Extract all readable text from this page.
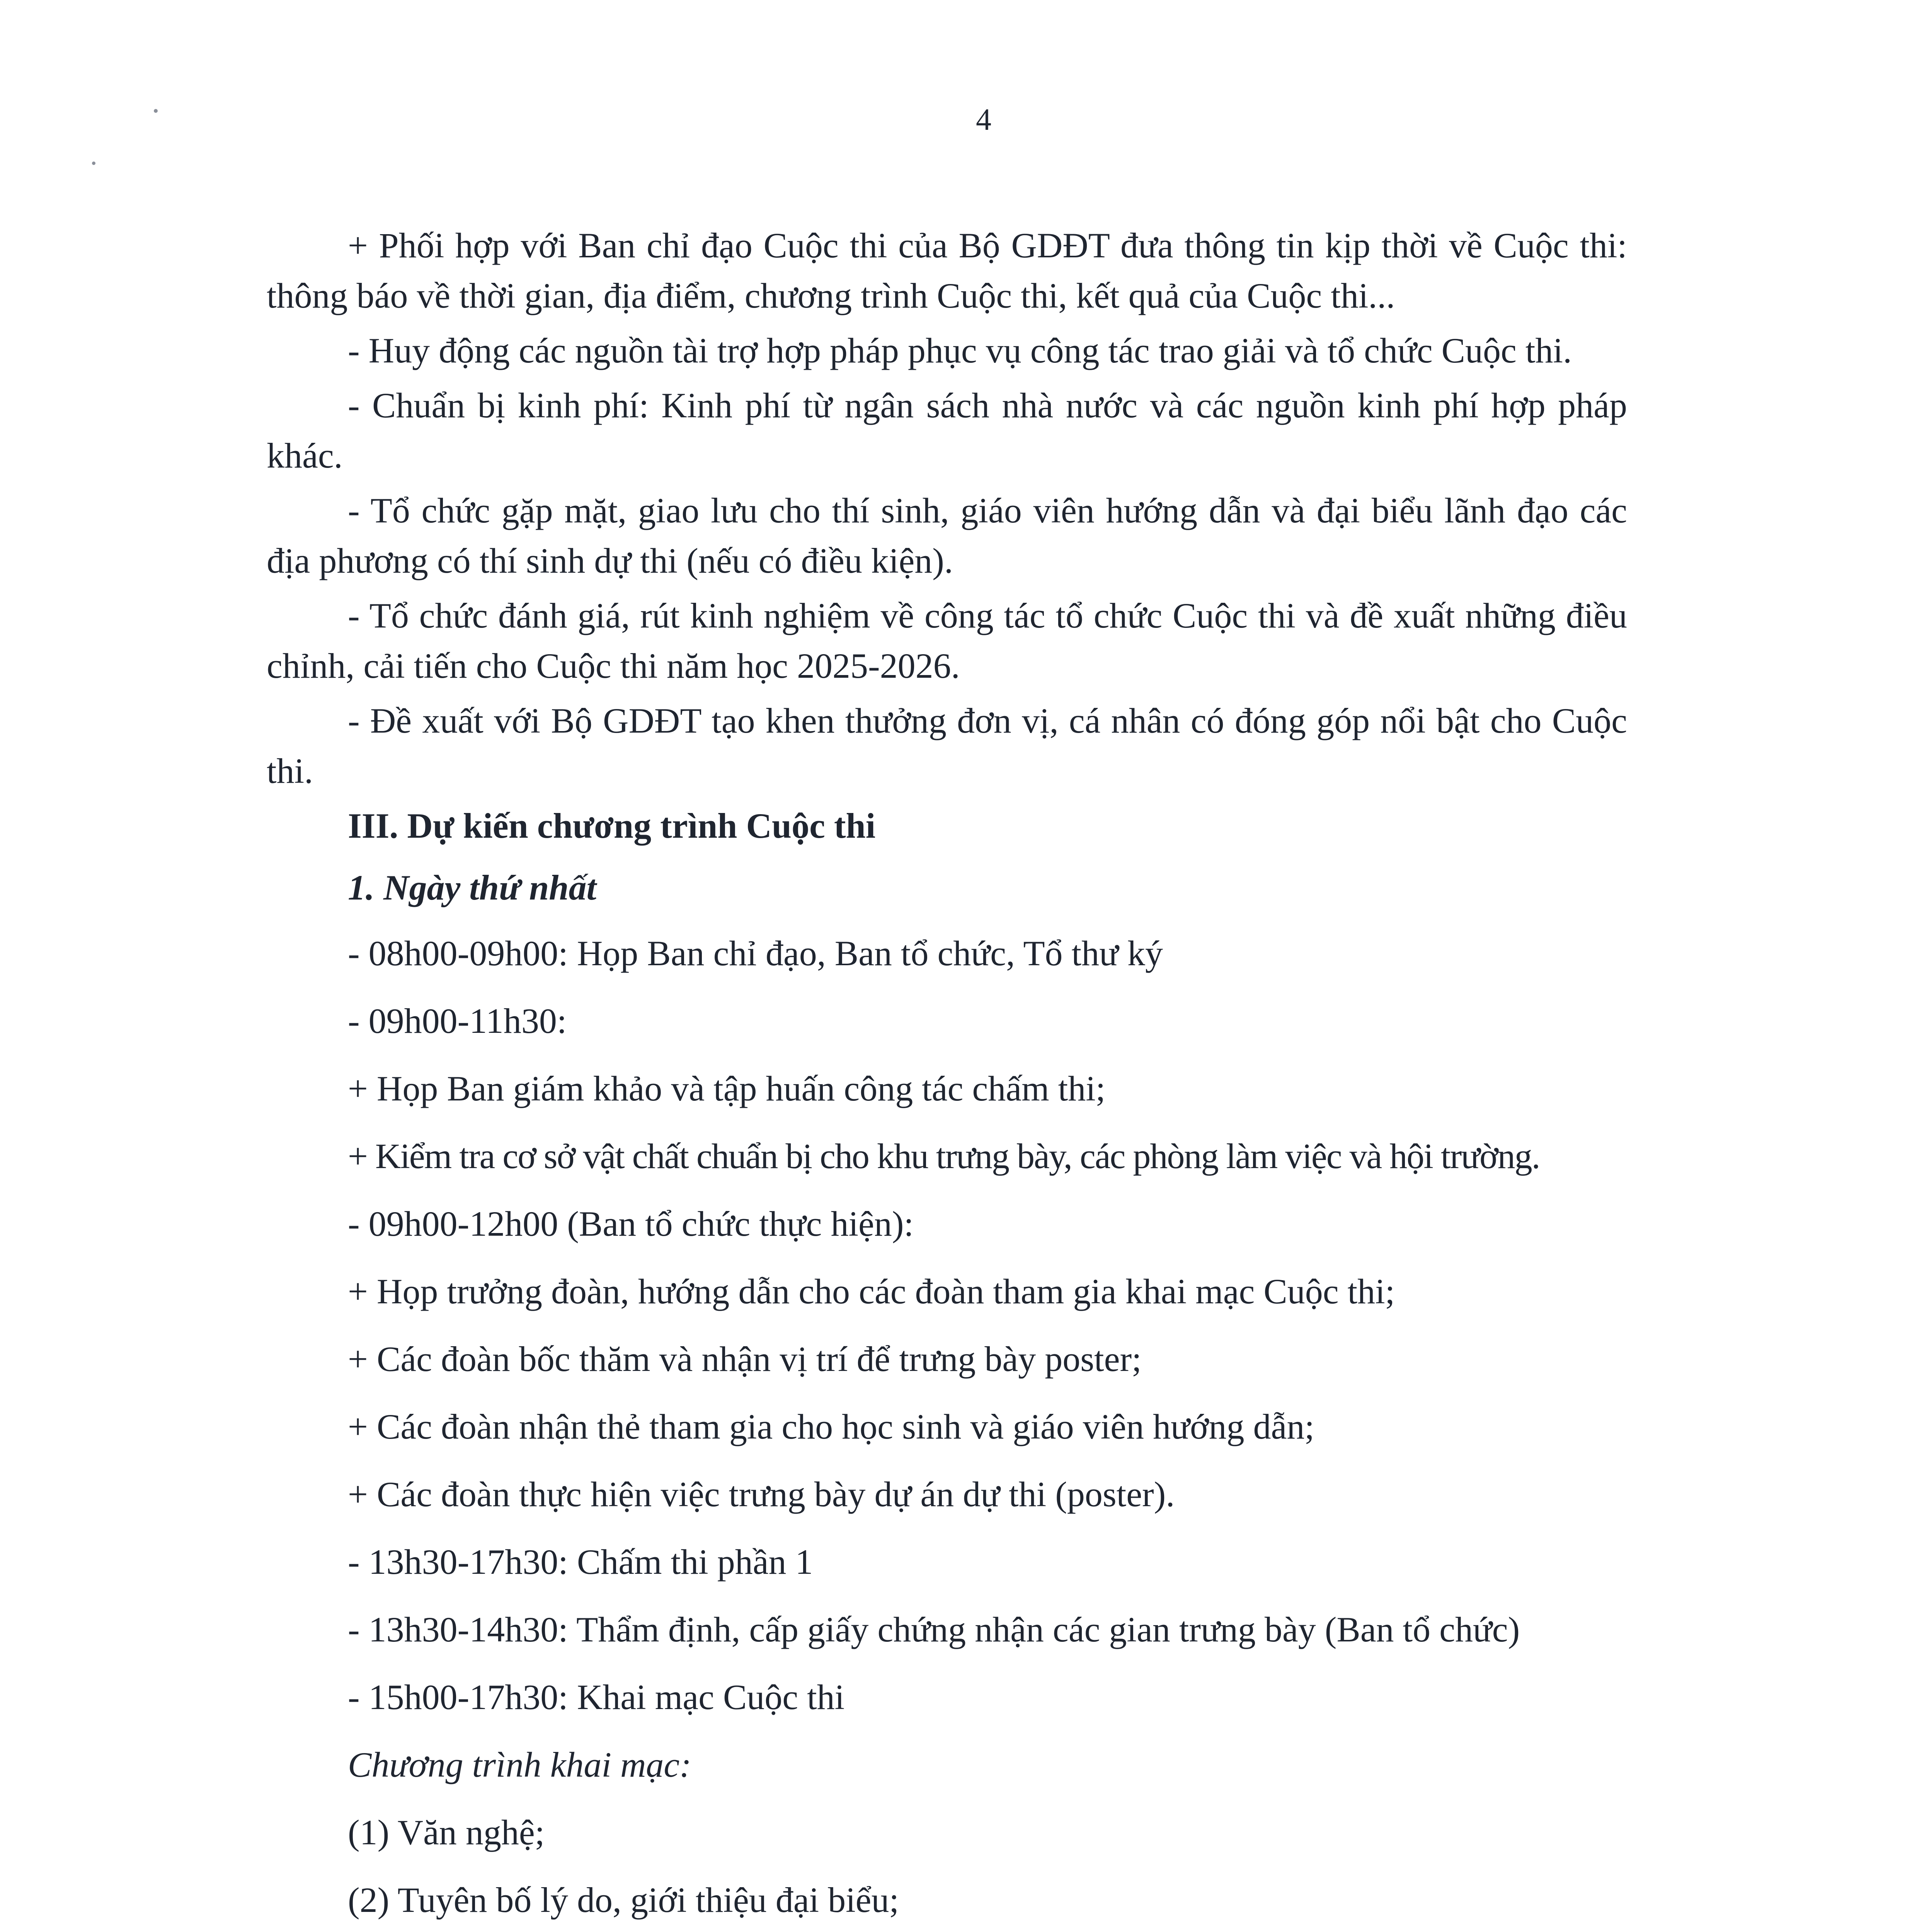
4

+ Phối hợp với Ban chỉ đạo Cuộc thi của Bộ GDĐT đưa thông tin kịp thời về Cuộc thi: thông báo về thời gian, địa điểm, chương trình Cuộc thi, kết quả của Cuộc thi...

- Huy động các nguồn tài trợ hợp pháp phục vụ công tác trao giải và tổ chức Cuộc thi.

- Chuẩn bị kinh phí: Kinh phí từ ngân sách nhà nước và các nguồn kinh phí hợp pháp khác.

- Tổ chức gặp mặt, giao lưu cho thí sinh, giáo viên hướng dẫn và đại biểu lãnh đạo các địa phương có thí sinh dự thi (nếu có điều kiện).

- Tổ chức đánh giá, rút kinh nghiệm về công tác tổ chức Cuộc thi và đề xuất những điều chỉnh, cải tiến cho Cuộc thi năm học 2025-2026.

- Đề xuất với Bộ GDĐT tạo khen thưởng đơn vị, cá nhân có đóng góp nổi bật cho Cuộc thi.

III. Dự kiến chương trình Cuộc thi

1. Ngày thứ nhất

- 08h00-09h00: Họp Ban chỉ đạo, Ban tổ chức, Tổ thư ký

- 09h00-11h30:

+ Họp Ban giám khảo và tập huấn công tác chấm thi;

+ Kiểm tra cơ sở vật chất chuẩn bị cho khu trưng bày, các phòng làm việc và hội trường.

- 09h00-12h00 (Ban tổ chức thực hiện):

+ Họp trưởng đoàn, hướng dẫn cho các đoàn tham gia khai mạc Cuộc thi;

+ Các đoàn bốc thăm và nhận vị trí để trưng bày poster;

+ Các đoàn nhận thẻ tham gia cho học sinh và giáo viên hướng dẫn;

+ Các đoàn thực hiện việc trưng bày dự án dự thi (poster).

- 13h30-17h30: Chấm thi phần 1

- 13h30-14h30: Thẩm định, cấp giấy chứng nhận các gian trưng bày (Ban tổ chức)

- 15h00-17h30: Khai mạc Cuộc thi

Chương trình khai mạc:

(1) Văn nghệ;

(2) Tuyên bố lý do, giới thiệu đại biểu;
